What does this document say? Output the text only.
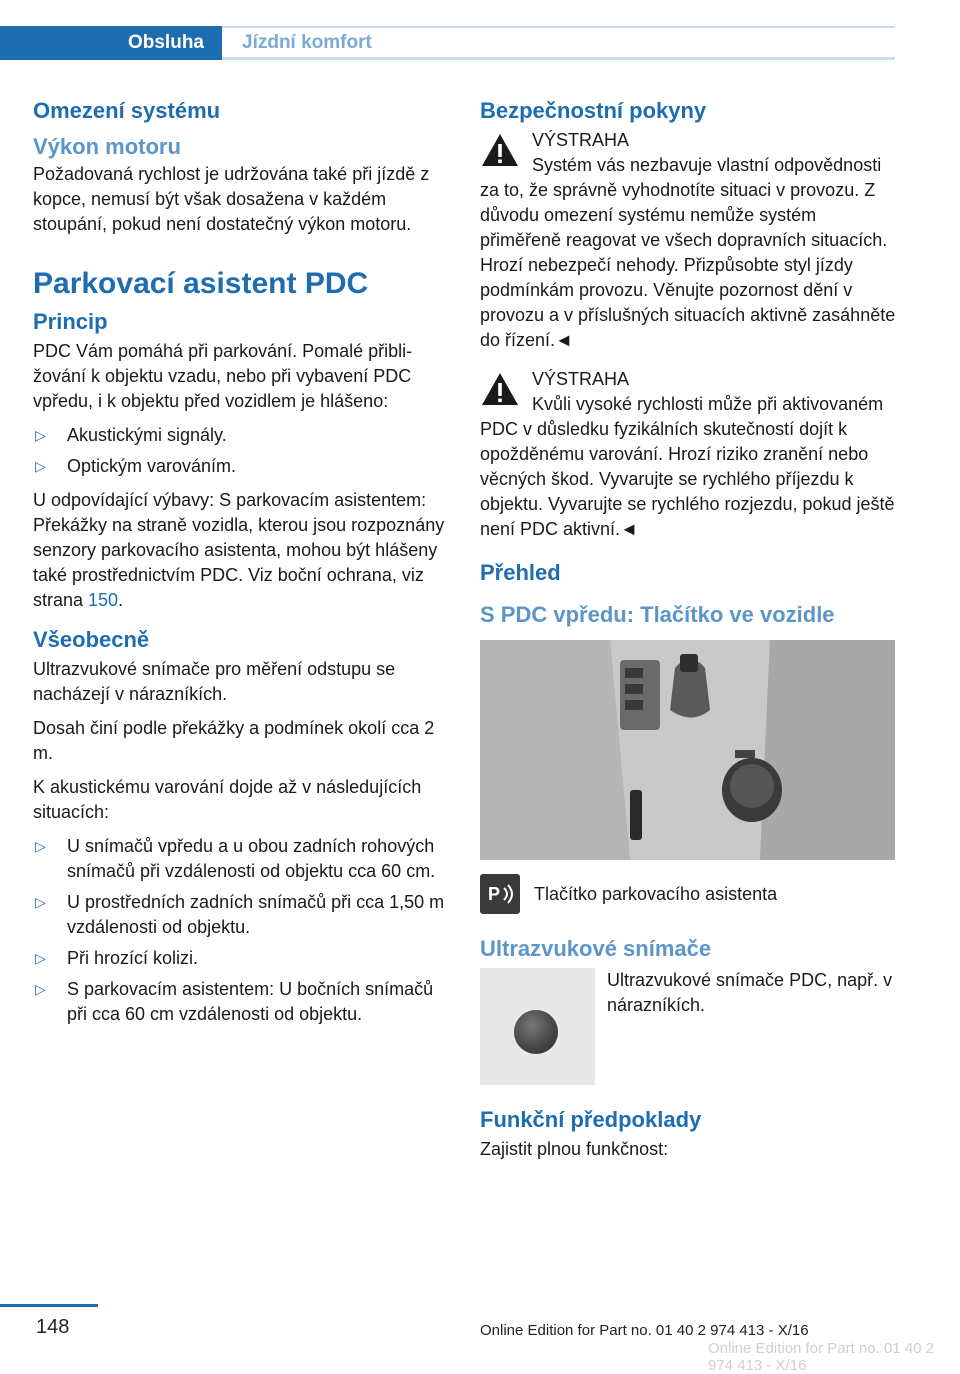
Obsluha	Jízdní komfort
Omezení systému
Výkon motoru

Požadovaná rychlost je udržována také při jízdě z kopce, nemusí být však dosažena v každém stoupání, pokud není dostatečný výkon motoru.

Parkovací asistent PDC
Princip

PDC Vám pomáhá při parkování. Pomalé přibližování k objektu vzadu, nebo při vybavení PDC vpředu, i k objektu před vozidlem je hlášeno:

▷ Akustickými signály.
▷ Optickým varováním.

U odpovídající výbavy: S parkovacím asistentem: Překážky na straně vozidla, kterou jsou rozpoznány senzory parkovacího asistenta, mohou být hlášeny také prostřednictvím PDC. Viz boční ochrana, viz strana 150.

Všeobecně

Ultrazvukové snímače pro měření odstupu se nacházejí v nárazníkích.

Dosah činí podle překážky a podmínek okolí cca 2 m.

K akustickému varování dojde až v následujících situacích:

▷ U snímačů vpředu a u obou zadních rohových snímačů při vzdálenosti od objektu cca 60 cm.
▷ U prostředních zadních snímačů při cca 1,50 m vzdálenosti od objektu.
▷ Při hrozící kolizi.
▷ S parkovacím asistentem: U bočních snímačů při cca 60 cm vzdálenosti od objektu.
Bezpečnostní pokyny

VÝSTRAHA

Systém vás nezbavuje vlastní odpovědnosti za to, že správně vyhodnotíte situaci v provozu. Z důvodu omezení systému nemůže systém přiměřeně reagovat ve všech dopravních situacích. Hrozí nebezpečí nehody. Přizpůsobte styl jízdy podmínkám provozu. Věnujte pozornost dění v provozu a v příslušných situacích aktivně zasáhněte do řízení.◄

VÝSTRAHA

Kvůli vysoké rychlosti může při aktivovaném PDC v důsledku fyzikálních skutečností dojít k opožděnému varování. Hrozí riziko zranění nebo věcných škod. Vyvarujte se rychlého příjezdu k objektu. Vyvarujte se rychlého rozjezdu, pokud ještě není PDC aktivní.◄

Přehled
S PDC vpředu: Tlačítko ve vozidle
P Tlačítko parkovacího asistenta
Ultrazvukové snímače

Ultrazvukové snímače PDC, např. v nárazníkích.

Funkční předpoklady

Zajistit plnou funkčnost:

148	Online Edition for Part no. 01 40 2 974 413 - X/16
Online Edition for Part no. 01 40 2 974 413 - X/16
